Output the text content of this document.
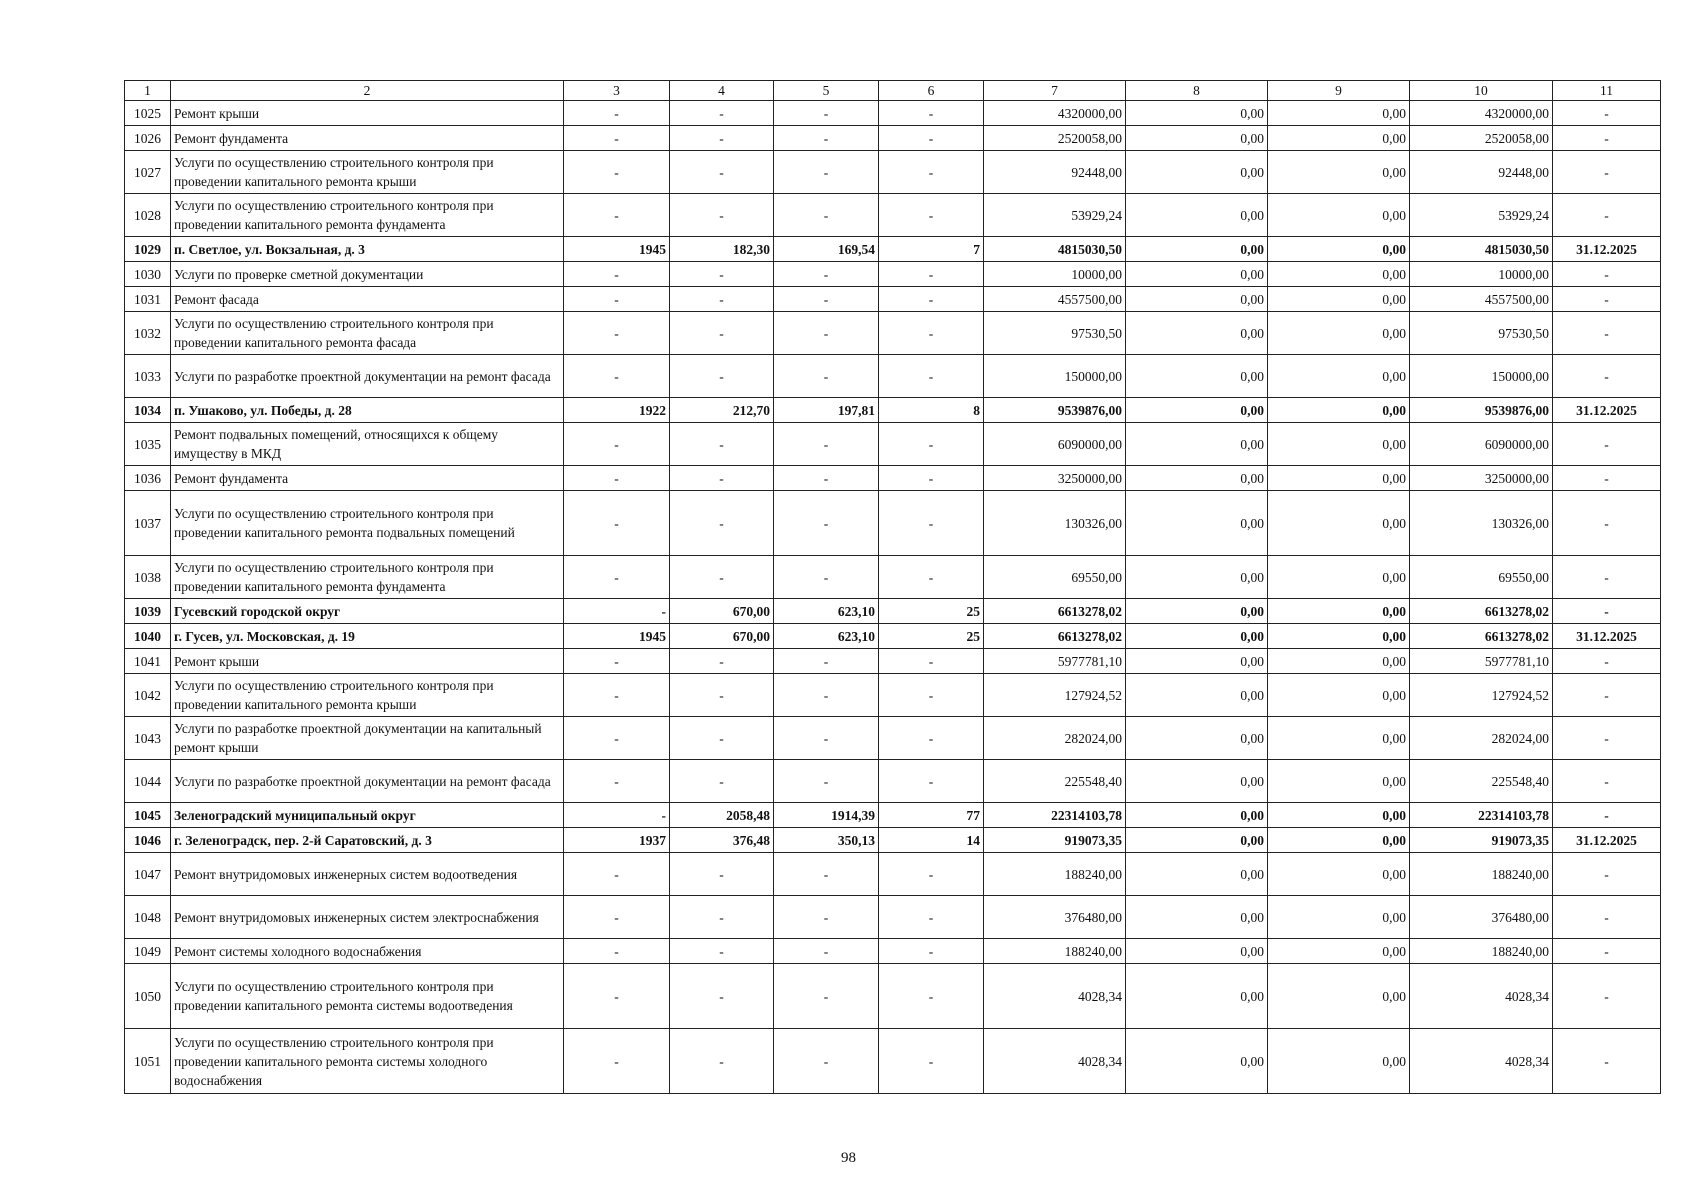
1	2	3	4	5	6	7	8	9	10	11
1025	Ремонт крыши	-	-	-	-	4320000,00	0,00	0,00	4320000,00	-
1026	Ремонт фундамента	-	-	-	-	2520058,00	0,00	0,00	2520058,00	-
1027	Услуги по осуществлению строительного контроля при проведении капитального ремонта крыши	-	-	-	-	92448,00	0,00	0,00	92448,00	-
1028	Услуги по осуществлению строительного контроля при проведении капитального ремонта фундамента	-	-	-	-	53929,24	0,00	0,00	53929,24	-
1029	п. Светлое, ул. Вокзальная, д. 3	1945	182,30	169,54	7	4815030,50	0,00	0,00	4815030,50	31.12.2025
1030	Услуги по проверке сметной документации	-	-	-	-	10000,00	0,00	0,00	10000,00	-
1031	Ремонт фасада	-	-	-	-	4557500,00	0,00	0,00	4557500,00	-
1032	Услуги по осуществлению строительного контроля при проведении капитального ремонта фасада	-	-	-	-	97530,50	0,00	0,00	97530,50	-
1033	Услуги по разработке проектной документации на ремонт фасада	-	-	-	-	150000,00	0,00	0,00	150000,00	-
1034	п. Ушаково, ул. Победы, д. 28	1922	212,70	197,81	8	9539876,00	0,00	0,00	9539876,00	31.12.2025
1035	Ремонт подвальных помещений, относящихся к общему имуществу в МКД	-	-	-	-	6090000,00	0,00	0,00	6090000,00	-
1036	Ремонт фундамента	-	-	-	-	3250000,00	0,00	0,00	3250000,00	-
1037	Услуги по осуществлению строительного контроля при проведении капитального ремонта подвальных помещений	-	-	-	-	130326,00	0,00	0,00	130326,00	-
1038	Услуги по осуществлению строительного контроля при проведении капитального ремонта фундамента	-	-	-	-	69550,00	0,00	0,00	69550,00	-
1039	Гусевский городской округ	-	670,00	623,10	25	6613278,02	0,00	0,00	6613278,02	-
1040	г. Гусев, ул. Московская, д. 19	1945	670,00	623,10	25	6613278,02	0,00	0,00	6613278,02	31.12.2025
1041	Ремонт крыши	-	-	-	-	5977781,10	0,00	0,00	5977781,10	-
1042	Услуги по осуществлению строительного контроля при проведении капитального ремонта крыши	-	-	-	-	127924,52	0,00	0,00	127924,52	-
1043	Услуги по разработке проектной документации на капитальный ремонт крыши	-	-	-	-	282024,00	0,00	0,00	282024,00	-
1044	Услуги по разработке проектной документации на ремонт фасада	-	-	-	-	225548,40	0,00	0,00	225548,40	-
1045	Зеленоградский муниципальный округ	-	2058,48	1914,39	77	22314103,78	0,00	0,00	22314103,78	-
1046	г. Зеленоградск, пер. 2-й Саратовский, д. 3	1937	376,48	350,13	14	919073,35	0,00	0,00	919073,35	31.12.2025
1047	Ремонт внутридомовых инженерных систем водоотведения	-	-	-	-	188240,00	0,00	0,00	188240,00	-
1048	Ремонт внутридомовых инженерных систем электроснабжения	-	-	-	-	376480,00	0,00	0,00	376480,00	-
1049	Ремонт системы холодного водоснабжения	-	-	-	-	188240,00	0,00	0,00	188240,00	-
1050	Услуги по осуществлению строительного контроля при проведении капитального ремонта системы водоотведения	-	-	-	-	4028,34	0,00	0,00	4028,34	-
1051	Услуги по осуществлению строительного контроля при проведении капитального ремонта системы холодного водоснабжения	-	-	-	-	4028,34	0,00	0,00	4028,34	-
98
